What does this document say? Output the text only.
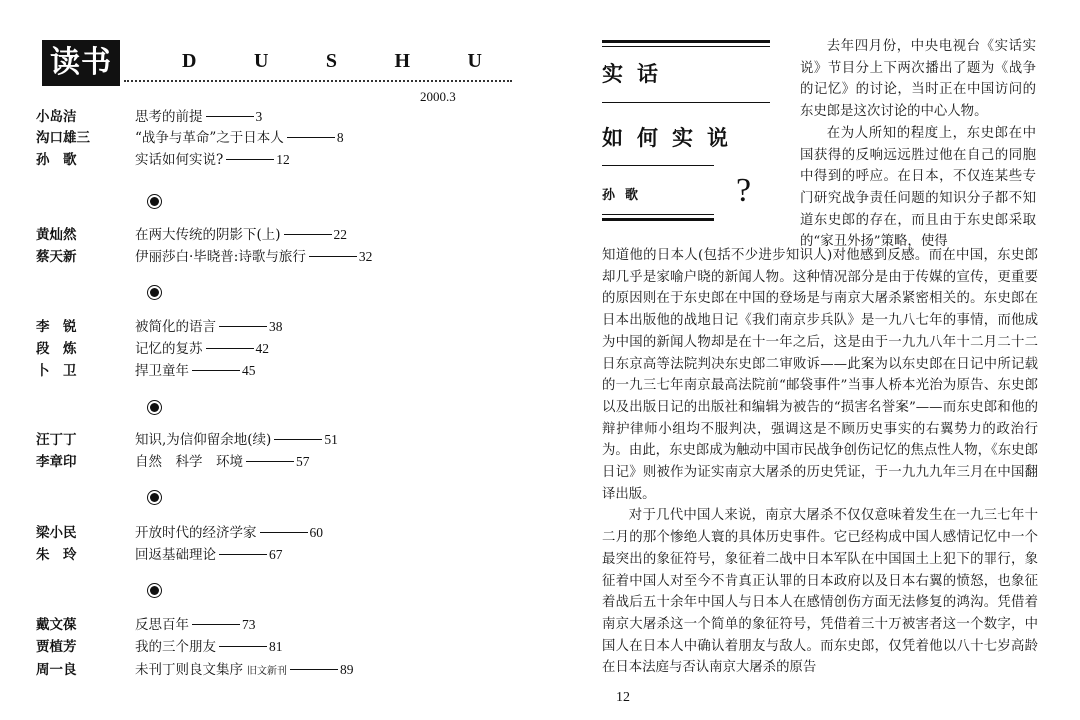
读书	D	U	S	H	U
2000.3
小岛洁	思考的前提	3
沟口雄三	“战争与革命”之于日本人	8
孙　歌	实话如何实说?	12
黄灿然	在两大传统的阴影下(上)	22
蔡天新	伊丽莎白·毕晓普:诗歌与旅行	32
李　锐	被简化的语言	38
段　炼	记忆的复苏	42
卜　卫	捍卫童年	45
汪丁丁	知识,为信仰留余地(续)	51
李章印	自然　科学　环境	57
梁小民	开放时代的经济学家	60
朱　玲	回返基础理论	67
戴文葆	反思百年	73
贾植芳	我的三个朋友	81
周一良	未刊丁则良文集序 旧文新刊	89
实话
如何实说
孙歌	?

去年四月份，中央电视台《实话实说》节目分上下两次播出了题为《战争的记忆》的讨论，当时正在中国访问的东史郎是这次讨论的中心人物。

在为人所知的程度上，东史郎在中国获得的反响远远胜过他在自己的同胞中得到的呼应。在日本，不仅连某些专门研究战争责任问题的知识分子都不知道东史郎的存在，而且由于东史郎采取的“家丑外扬”策略，使得

知道他的日本人(包括不少进步知识人)对他感到反感。而在中国，东史郎却几乎是家喻户晓的新闻人物。这种情况部分是由于传媒的宣传，更重要的原因则在于东史郎在中国的登场是与南京大屠杀紧密相关的。东史郎在日本出版他的战地日记《我们南京步兵队》是一九八七年的事情，而他成为中国的新闻人物却是在十一年之后，这是由于一九九八年十二月二十二日东京高等法院判决东史郎二审败诉——此案为以东史郎在日记中所记载的一九三七年南京最高法院前“邮袋事件”当事人桥本光治为原告、东史郎以及出版日记的出版社和编辑为被告的“损害名誉案”——而东史郎和他的辩护律师小组均不服判决，强调这是不顾历史事实的右翼势力的政治行为。由此，东史郎成为触动中国市民战争创伤记忆的焦点性人物，《东史郎日记》则被作为证实南京大屠杀的历史凭证，于一九九九年三月在中国翻译出版。

对于几代中国人来说，南京大屠杀不仅仅意味着发生在一九三七年十二月的那个惨绝人寰的具体历史事件。它已经构成中国人感情记忆中一个最突出的象征符号，象征着二战中日本军队在中国国土上犯下的罪行，象征着中国人对至今不肯真正认罪的日本政府以及日本右翼的愤怒，也象征着战后五十余年中国人与日本人在感情创伤方面无法修复的鸿沟。凭借着南京大屠杀这一个简单的象征符号，凭借着三十万被害者这一个数字，中国人在日本人中确认着朋友与敌人。而东史郎，仅凭着他以八十七岁高龄在日本法庭与否认南京大屠杀的原告

12
